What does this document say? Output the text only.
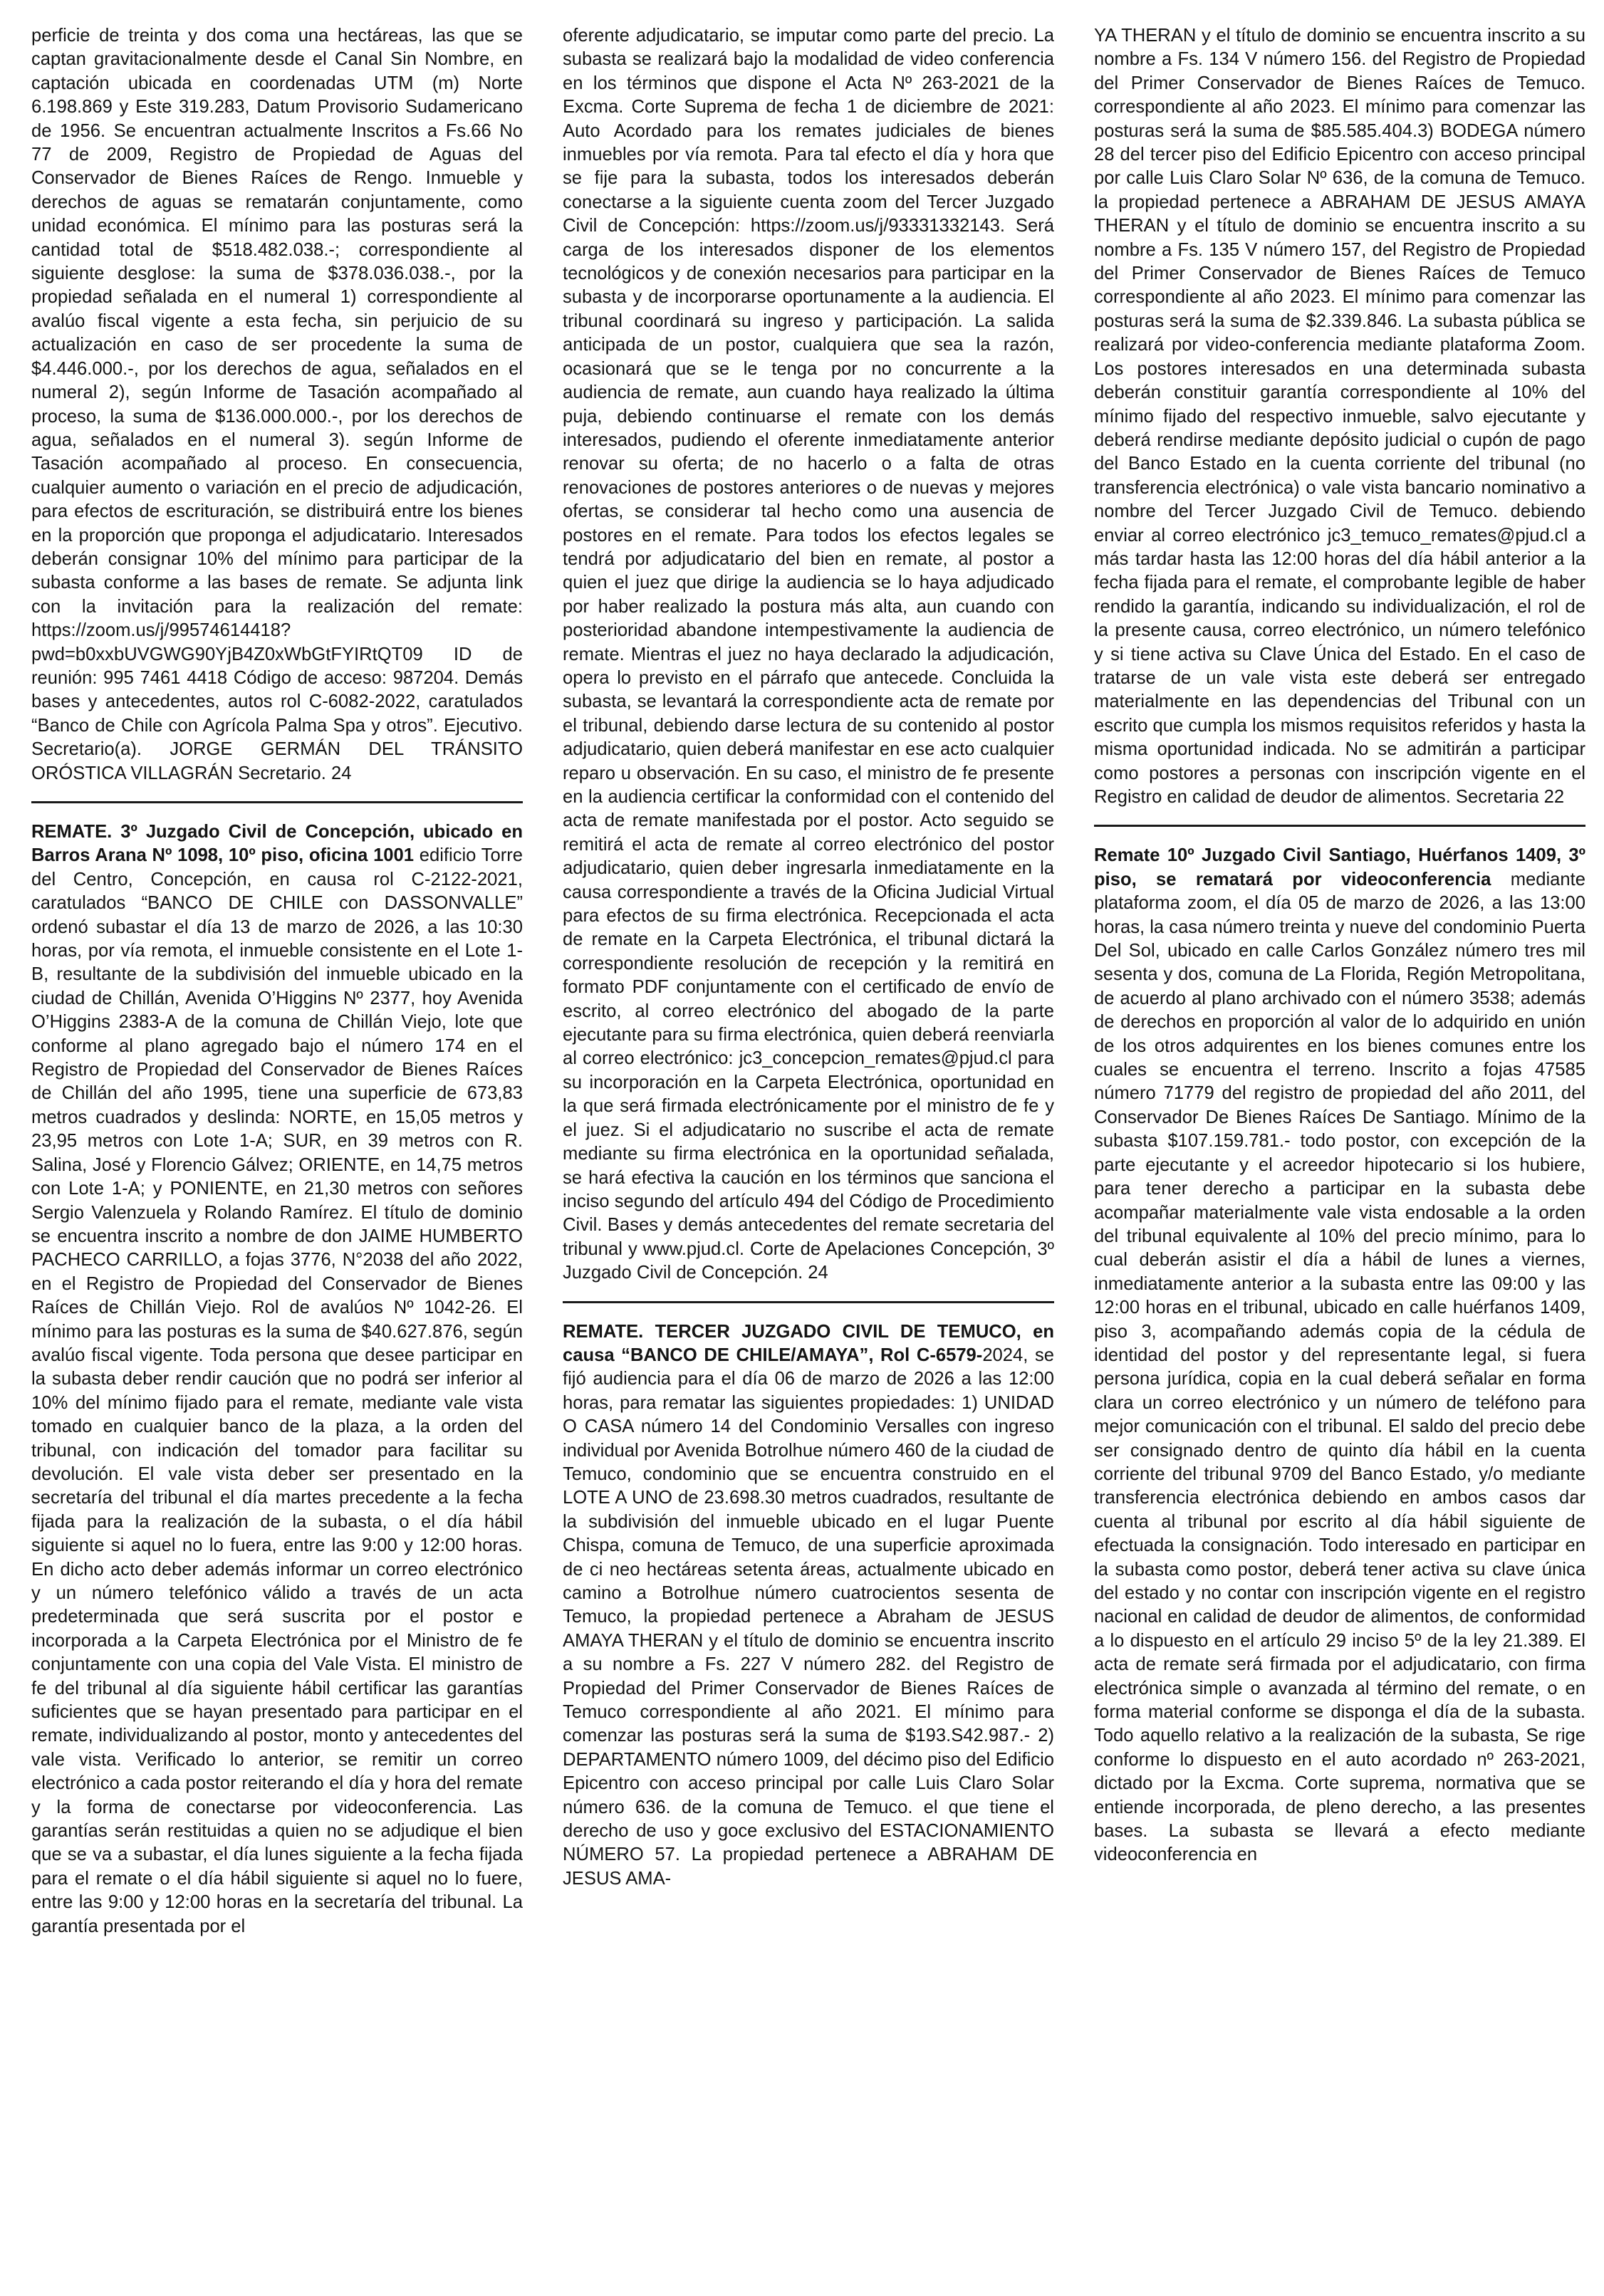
perficie de treinta y dos coma una hectáreas, las que se captan gravitacionalmente desde el Canal Sin Nombre, en captación ubicada en coordenadas UTM (m) Norte 6.198.869 y Este 319.283, Datum Provisorio Sudamericano de 1956. Se encuentran actualmente Inscritos a Fs.66 No 77 de 2009, Registro de Propiedad de Aguas del Conservador de Bienes Raíces de Rengo. Inmueble y derechos de aguas se rematarán conjuntamente, como unidad económica. El mínimo para las posturas será la cantidad total de $518.482.038.-; correspondiente al siguiente desglose: la suma de $378.036.038.-, por la propiedad señalada en el numeral 1) correspondiente al avalúo fiscal vigente a esta fecha, sin perjuicio de su actualización en caso de ser procedente la suma de $4.446.000.-, por los derechos de agua, señalados en el numeral 2), según Informe de Tasación acompañado al proceso, la suma de $136.000.000.-, por los derechos de agua, señalados en el numeral 3). según Informe de Tasación acompañado al proceso. En consecuencia, cualquier aumento o variación en el precio de adjudicación, para efectos de escrituración, se distribuirá entre los bienes en la proporción que proponga el adjudicatario. Interesados deberán consignar 10% del mínimo para participar de la subasta conforme a las bases de remate. Se adjunta link con la invitación para la realización del remate: https://zoom.us/j/99574614418?pwd=b0xxbUVGWG90YjB4Z0xWbGtFYIRtQT09 ID de reunión: 995 7461 4418 Código de acceso: 987204. Demás bases y antecedentes, autos rol C-6082-2022, caratulados “Banco de Chile con Agrícola Palma Spa y otros”. Ejecutivo. Secretario(a). JORGE GERMÁN DEL TRÁNSITO ORÓSTICA VILLAGRÁN Secretario. 24

REMATE. 3º Juzgado Civil de Concepción, ubicado en Barros Arana Nº 1098, 10º piso, oficina 1001 edificio Torre del Centro, Concepción, en causa rol C-2122-2021, caratulados “BANCO DE CHILE con DASSONVALLE” ordenó subastar el día 13 de marzo de 2026, a las 10:30 horas, por vía remota, el inmueble consistente en el Lote 1-B, resultante de la subdivisión del inmueble ubicado en la ciudad de Chillán, Avenida O’Higgins Nº 2377, hoy Avenida O’Higgins 2383-A de la comuna de Chillán Viejo, lote que conforme al plano agregado bajo el número 174 en el Registro de Propiedad del Conservador de Bienes Raíces de Chillán del año 1995, tiene una superficie de 673,83 metros cuadrados y deslinda: NORTE, en 15,05 metros y 23,95 metros con Lote 1-A; SUR, en 39 metros con R. Salina, José y Florencio Gálvez; ORIENTE, en 14,75 metros con Lote 1-A; y PONIENTE, en 21,30 metros con señores Sergio Valenzuela y Rolando Ramírez. El título de dominio se encuentra inscrito a nombre de don JAIME HUMBERTO PACHECO CARRILLO, a fojas 3776, N°2038 del año 2022, en el Registro de Propiedad del Conservador de Bienes Raíces de Chillán Viejo. Rol de avalúos Nº 1042-26. El mínimo para las posturas es la suma de $40.627.876, según avalúo fiscal vigente. Toda persona que desee participar en la subasta deber rendir caución que no podrá ser inferior al 10% del mínimo fijado para el remate, mediante vale vista tomado en cualquier banco de la plaza, a la orden del tribunal, con indicación del tomador para facilitar su devolución. El vale vista deber ser presentado en la secretaría del tribunal el día martes precedente a la fecha fijada para la realización de la subasta, o el día hábil siguiente si aquel no lo fuera, entre las 9:00 y 12:00 horas. En dicho acto deber además informar un correo electrónico y un número telefónico válido a través de un acta predeterminada que será suscrita por el postor e incorporada a la Carpeta Electrónica por el Ministro de fe conjuntamente con una copia del Vale Vista. El ministro de fe del tribunal al día siguiente hábil certificar las garantías suficientes que se hayan presentado para participar en el remate, individualizando al postor, monto y antecedentes del vale vista. Verificado lo anterior, se remitir un correo electrónico a cada postor reiterando el día y hora del remate y la forma de conectarse por videoconferencia. Las garantías serán restituidas a quien no se adjudique el bien que se va a subastar, el día lunes siguiente a la fecha fijada para el remate o el día hábil siguiente si aquel no lo fuere, entre las 9:00 y 12:00 horas en la secretaría del tribunal. La garantía presentada por el

oferente adjudicatario, se imputar como parte del precio. La subasta se realizará bajo la modalidad de video conferencia en los términos que dispone el Acta Nº 263-2021 de la Excma. Corte Suprema de fecha 1 de diciembre de 2021: Auto Acordado para los remates judiciales de bienes inmuebles por vía remota. Para tal efecto el día y hora que se fije para la subasta, todos los interesados deberán conectarse a la siguiente cuenta zoom del Tercer Juzgado Civil de Concepción: https://zoom.us/j/93331332143. Será carga de los interesados disponer de los elementos tecnológicos y de conexión necesarios para participar en la subasta y de incorporarse oportunamente a la audiencia. El tribunal coordinará su ingreso y participación. La salida anticipada de un postor, cualquiera que sea la razón, ocasionará que se le tenga por no concurrente a la audiencia de remate, aun cuando haya realizado la última puja, debiendo continuarse el remate con los demás interesados, pudiendo el oferente inmediatamente anterior renovar su oferta; de no hacerlo o a falta de otras renovaciones de postores anteriores o de nuevas y mejores ofertas, se considerar tal hecho como una ausencia de postores en el remate. Para todos los efectos legales se tendrá por adjudicatario del bien en remate, al postor a quien el juez que dirige la audiencia se lo haya adjudicado por haber realizado la postura más alta, aun cuando con posterioridad abandone intempestivamente la audiencia de remate. Mientras el juez no haya declarado la adjudicación, opera lo previsto en el párrafo que antecede. Concluida la subasta, se levantará la correspondiente acta de remate por el tribunal, debiendo darse lectura de su contenido al postor adjudicatario, quien deberá manifestar en ese acto cualquier reparo u observación. En su caso, el ministro de fe presente en la audiencia certificar la conformidad con el contenido del acta de remate manifestada por el postor. Acto seguido se remitirá el acta de remate al correo electrónico del postor adjudicatario, quien deber ingresarla inmediatamente en la causa correspondiente a través de la Oficina Judicial Virtual para efectos de su firma electrónica. Recepcionada el acta de remate en la Carpeta Electrónica, el tribunal dictará la correspondiente resolución de recepción y la remitirá en formato PDF conjuntamente con el certificado de envío de escrito, al correo electrónico del abogado de la parte ejecutante para su firma electrónica, quien deberá reenviarla al correo electrónico: jc3_concepcion_remates@pjud.cl para su incorporación en la Carpeta Electrónica, oportunidad en la que será firmada electrónicamente por el ministro de fe y el juez. Si el adjudicatario no suscribe el acta de remate mediante su firma electrónica en la oportunidad señalada, se hará efectiva la caución en los términos que sanciona el inciso segundo del artículo 494 del Código de Procedimiento Civil. Bases y demás antecedentes del remate secretaria del tribunal y www.pjud.cl. Corte de Apelaciones Concepción, 3º Juzgado Civil de Concepción. 24

REMATE. TERCER JUZGADO CIVIL DE TEMUCO, en causa “BANCO DE CHILE/AMAYA”, Rol C-6579-2024, se fijó audiencia para el día 06 de marzo de 2026 a las 12:00 horas, para rematar las siguientes propiedades: 1) UNIDAD O CASA número 14 del Condominio Versalles con ingreso individual por Avenida Botrolhue número 460 de la ciudad de Temuco, condominio que se encuentra construido en el LOTE A UNO de 23.698.30 metros cuadrados, resultante de la subdivisión del inmueble ubicado en el lugar Puente Chispa, comuna de Temuco, de una superficie aproximada de ci neo hectáreas setenta áreas, actualmente ubicado en camino a Botrolhue número cuatrocientos sesenta de Temuco, la propiedad pertenece a Abraham de JESUS AMAYA THERAN y el título de dominio se encuentra inscrito a su nombre a Fs. 227 V número 282. del Registro de Propiedad del Primer Conservador de Bienes Raíces de Temuco correspondiente al año 2021. El mínimo para comenzar las posturas será la suma de $193.S42.987.- 2) DEPARTAMENTO número 1009, del décimo piso del Edificio Epicentro con acceso principal por calle Luis Claro Solar número 636. de la comuna de Temuco. el que tiene el derecho de uso y goce exclusivo del ESTACIONAMIENTO NÚMERO 57. La propiedad pertenece a ABRAHAM DE JESUS AMA-

YA THERAN y el título de dominio se encuentra inscrito a su nombre a Fs. 134 V número 156. del Registro de Propiedad del Primer Conservador de Bienes Raíces de Temuco. correspondiente al año 2023. El mínimo para comenzar las posturas será la suma de $85.585.404.3) BODEGA número 28 del tercer piso del Edificio Epicentro con acceso principal por calle Luis Claro Solar Nº 636, de la comuna de Temuco. la propiedad pertenece a ABRAHAM DE JESUS AMAYA THERAN y el título de dominio se encuentra inscrito a su nombre a Fs. 135 V número 157, del Registro de Propiedad del Primer Conservador de Bienes Raíces de Temuco correspondiente al año 2023. El mínimo para comenzar las posturas será la suma de $2.339.846. La subasta pública se realizará por video-conferencia mediante plataforma Zoom. Los postores interesados en una determinada subasta deberán constituir garantía correspondiente al 10% del mínimo fijado del respectivo inmueble, salvo ejecutante y deberá rendirse mediante depósito judicial o cupón de pago del Banco Estado en la cuenta corriente del tribunal (no transferencia electrónica) o vale vista bancario nominativo a nombre del Tercer Juzgado Civil de Temuco. debiendo enviar al correo electrónico jc3_temuco_remates@pjud.cl a más tardar hasta las 12:00 horas del día hábil anterior a la fecha fijada para el remate, el comprobante legible de haber rendido la garantía, indicando su individualización, el rol de la presente causa, correo electrónico, un número telefónico y si tiene activa su Clave Única del Estado. En el caso de tratarse de un vale vista este deberá ser entregado materialmente en las dependencias del Tribunal con un escrito que cumpla los mismos requisitos referidos y hasta la misma oportunidad indicada. No se admitirán a participar como postores a personas con inscripción vigente en el Registro en calidad de deudor de alimentos. Secretaria 22

Remate 10º Juzgado Civil Santiago, Huérfanos 1409, 3º piso, se rematará por videoconferencia mediante plataforma zoom, el día 05 de marzo de 2026, a las 13:00 horas, la casa número treinta y nueve del condominio Puerta Del Sol, ubicado en calle Carlos González número tres mil sesenta y dos, comuna de La Florida, Región Metropolitana, de acuerdo al plano archivado con el número 3538; además de derechos en proporción al valor de lo adquirido en unión de los otros adquirentes en los bienes comunes entre los cuales se encuentra el terreno. Inscrito a fojas 47585 número 71779 del registro de propiedad del año 2011, del Conservador De Bienes Raíces De Santiago. Mínimo de la subasta $107.159.781.- todo postor, con excepción de la parte ejecutante y el acreedor hipotecario si los hubiere, para tener derecho a participar en la subasta debe acompañar materialmente vale vista endosable a la orden del tribunal equivalente al 10% del precio mínimo, para lo cual deberán asistir el día a hábil de lunes a viernes, inmediatamente anterior a la subasta entre las 09:00 y las 12:00 horas en el tribunal, ubicado en calle huérfanos 1409, piso 3, acompañando además copia de la cédula de identidad del postor y del representante legal, si fuera persona jurídica, copia en la cual deberá señalar en forma clara un correo electrónico y un número de teléfono para mejor comunicación con el tribunal. El saldo del precio debe ser consignado dentro de quinto día hábil en la cuenta corriente del tribunal 9709 del Banco Estado, y/o mediante transferencia electrónica debiendo en ambos casos dar cuenta al tribunal por escrito al día hábil siguiente de efectuada la consignación. Todo interesado en participar en la subasta como postor, deberá tener activa su clave única del estado y no contar con inscripción vigente en el registro nacional en calidad de deudor de alimentos, de conformidad a lo dispuesto en el artículo 29 inciso 5º de la ley 21.389. El acta de remate será firmada por el adjudicatario, con firma electrónica simple o avanzada al término del remate, o en forma material conforme se disponga el día de la subasta. Todo aquello relativo a la realización de la subasta, Se rige conforme lo dispuesto en el auto acordado nº 263-2021, dictado por la Excma. Corte suprema, normativa que se entiende incorporada, de pleno derecho, a las presentes bases. La subasta se llevará a efecto mediante videoconferencia en
